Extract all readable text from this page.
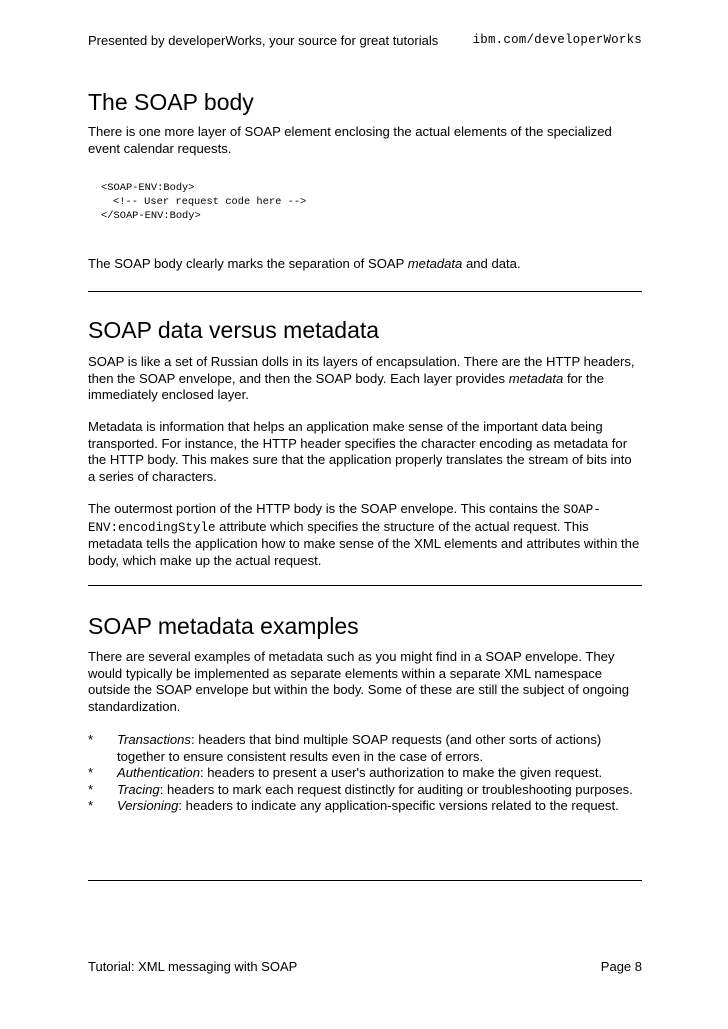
Presented by developerWorks, your source for great tutorials	ibm.com/developerWorks
The SOAP body

There is one more layer of SOAP element enclosing the actual elements of the specialized event calendar requests.

<SOAP-ENV:Body>
<!-- User request code here -->
</SOAP-ENV:Body>

The SOAP body clearly marks the separation of SOAP metadata and data.

SOAP data versus metadata

SOAP is like a set of Russian dolls in its layers of encapsulation. There are the HTTP headers, then the SOAP envelope, and then the SOAP body. Each layer provides metadata for the immediately enclosed layer.

Metadata is information that helps an application make sense of the important data being transported. For instance, the HTTP header specifies the character encoding as metadata for the HTTP body. This makes sure that the application properly translates the stream of bits into a series of characters.

The outermost portion of the HTTP body is the SOAP envelope. This contains the SOAP-ENV:encodingStyle attribute which specifies the structure of the actual request. This metadata tells the application how to make sense of the XML elements and attributes within the body, which make up the actual request.

SOAP metadata examples

There are several examples of metadata such as you might find in a SOAP envelope. They would typically be implemented as separate elements within a separate XML namespace outside the SOAP envelope but within the body. Some of these are still the subject of ongoing standardization.

* Transactions: headers that bind multiple SOAP requests (and other sorts of actions) together to ensure consistent results even in the case of errors.
* Authentication: headers to present a user's authorization to make the given request.
* Tracing: headers to mark each request distinctly for auditing or troubleshooting purposes.
* Versioning: headers to indicate any application-specific versions related to the request.
Tutorial: XML messaging with SOAP	Page 8
